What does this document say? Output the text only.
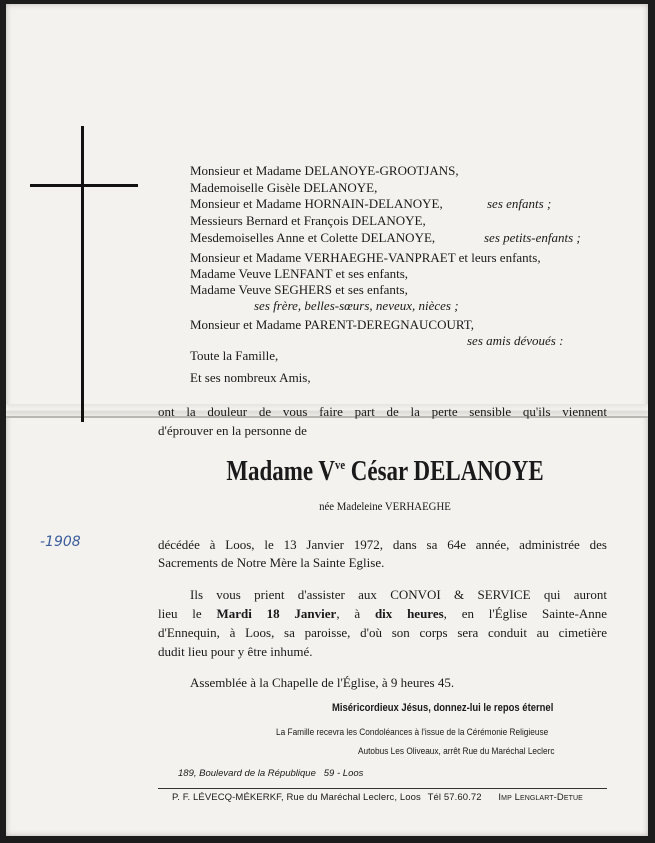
Monsieur et Madame DELANOYE-GROOTJANS,
Mademoiselle Gisèle DELANOYE,
Monsieur et Madame HORNAIN-DELANOYE,	ses enfants ;
Messieurs Bernard et François DELANOYE,
Mesdemoiselles Anne et Colette DELANOYE,	ses petits-enfants ;
Monsieur et Madame VERHAEGHE-VANPRAET et leurs enfants,
Madame Veuve LENFANT et ses enfants,
Madame Veuve SEGHERS et ses enfants,
ses frère, belles-sœurs, neveux, nièces ;
Monsieur et Madame PARENT-DEREGNAUCOURT,
ses amis dévoués :
Toute la Famille,
Et ses nombreux Amis,
ont la douleur de vous faire part de la perte sensible qu'ils viennent
d'éprouver en la personne de
Madame $V^{ve}$ César DELANOYE
née Madeleine VERHAEGHE
-1908	décédée à Loos, le 13 Janvier 1972, dans sa 64e année, administrée des
Sacrements de Notre Mère la Sainte Eglise.
Ils vous prient d'assister aux CONVOI & SERVICE qui auront
lieu le Mardi 18 Janvier, à dix heures, en l'Église Sainte-Anne
d'Ennequin, à Loos, sa paroisse, d'où son corps sera conduit au cimetière
dudit lieu pour y être inhumé.
Assemblée à la Chapelle de l'Église, à 9 heures 45.
Miséricordieux Jésus, donnez-lui le repos éternel
La Famille recevra les Condoléances à l'issue de la Cérémonie Religieuse
Autobus Les Oliveaux, arrêt Rue du Maréchal Leclerc
189, Boulevard de la République   59 - Loos
P. F. LÉVECQ-MÉKERKF, Rue du Maréchal Leclerc, Loos Tél 57.60.72 Imp Lenglart-Detue
